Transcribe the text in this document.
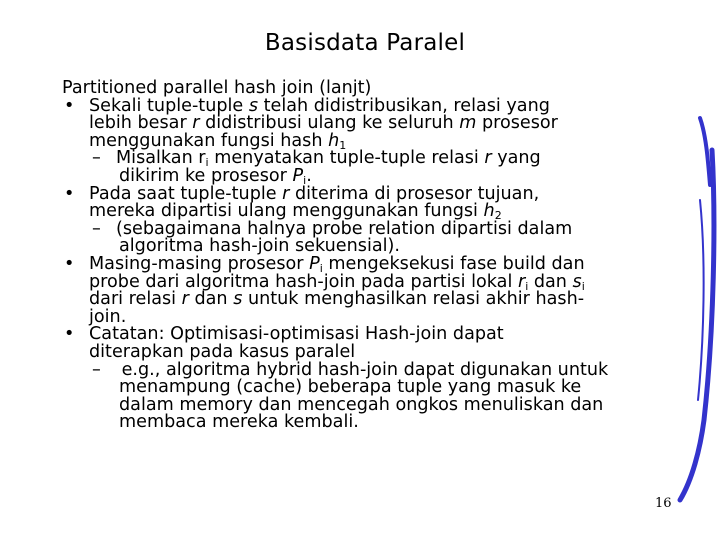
Basisdata Paralel
Partitioned parallel hash join (lanjt)
• Sekali tuple-tuple s telah didistribusikan, relasi yang
lebih besar r didistribusi ulang ke seluruh m prosesor
menggunakan fungsi hash $h_1$
– Misalkan $r_i$ menyatakan tuple-tuple relasi r yang
dikirim ke prosesor $P_i$.
• Pada saat tuple-tuple r diterima di prosesor tujuan,
mereka dipartisi ulang menggunakan fungsi $h_2$
– (sebagaimana halnya probe relation dipartisi dalam
algoritma hash-join sekuensial).
• Masing-masing prosesor $P_i$ mengeksekusi fase build dan
probe dari algoritma hash-join pada partisi lokal $r_i$ dan $s_i$
dari relasi r dan s untuk menghasilkan relasi akhir hash-
join.
• Catatan: Optimisasi-optimisasi Hash-join dapat
diterapkan pada kasus paralel
– e.g., algoritma hybrid hash-join dapat digunakan untuk
menampung (cache) beberapa tuple yang masuk ke
dalam memory dan mencegah ongkos menuliskan dan
membaca mereka kembali.
16
